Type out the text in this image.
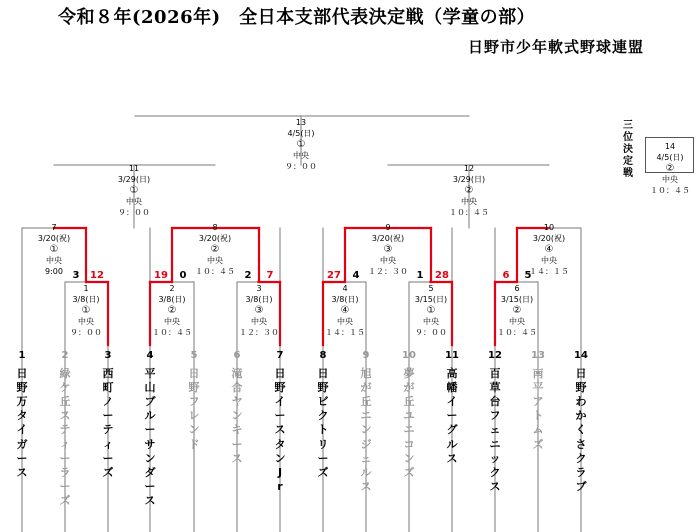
令和８年(2026年)　全日本支部代表決定戦（学童の部）
日野市少年軟式野球連盟
1
3/8(日)
①
中央
９：００
2
3/8(日)
②
中央
１０：４５
3
3/8(日)
③
中央
１２：３０
4
3/8(日)
④
中央
１４：１５
5
3/15(日)
①
中央
９：００
6
3/15(日)
②
中央
１０：４５
7
3/20(祝)
①
中央
9:00
8
3/20(祝)
②
中央
１０：４５
9
3/20(祝)
③
中央
１２：３０
10
3/20(祝)
④
中央
１４：１５
11
3/29(日)
①
中央
９：００
12
3/29(日)
②
中央
１０：４５
13
4/5(日)
①
中央
９：００
3	12	19	0	2	7	27	4	1	28	6	5
1
日
野
万
タ
イ
ガ
ー
ス
2
緑
ケ
丘
ス
テ
ィ
ー
ラ
ー
ズ
3
西
町
ノ
ー
テ
ィ
ー
ズ
4
平
山
ブ
ル
ー
サ
ン
ダ
ー
ス
5
日
野
フ
レ
ン
ド
6
滝
合
ヤ
ン
キ
ー
ス
7
日
野
イ
ー
ス
タ
ン
J
r
8
日
野
ビ
ク
ト
リ
ー
ズ
9
旭
が
丘
エ
ン
ジ
ェ
ル
ス
10
夢
が
丘
ユ
ニ
コ
ン
ズ
11
高
幡
イ
ー
グ
ル
ス
12
百
草
台
フ
ェ
ニ
ッ
ク
ス
13
南
平
ア
ト
ム
ズ
14
日
野
わ
か
く
さ
ク
ラ
ブ
三
位
決
定
戦
14
4/5(日)
②
中央
１０：４５
